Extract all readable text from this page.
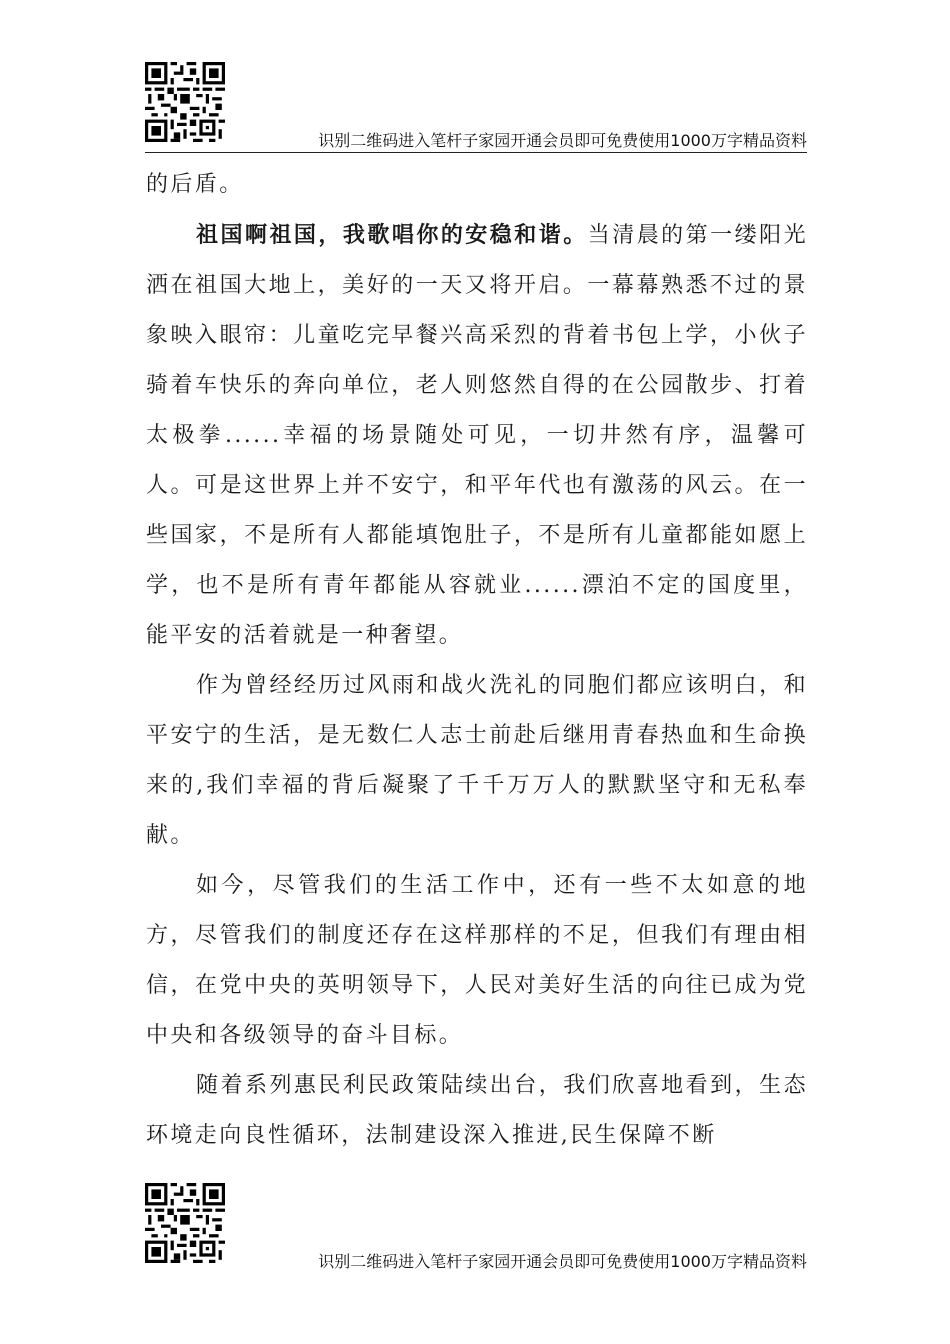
识别二维码进入笔杆子家园开通会员即可免费使用1000万字精品资料

的后盾。

祖国啊祖国，我歌唱你的安稳和谐。当清晨的第一缕阳光洒在祖国大地上，美好的一天又将开启。一幕幕熟悉不过的景象映入眼帘：儿童吃完早餐兴高采烈的背着书包上学，小伙子骑着车快乐的奔向单位，老人则悠然自得的在公园散步、打着太极拳......幸福的场景随处可见，一切井然有序，温馨可人。可是这世界上并不安宁，和平年代也有激荡的风云。在一些国家，不是所有人都能填饱肚子，不是所有儿童都能如愿上学，也不是所有青年都能从容就业......漂泊不定的国度里，能平安的活着就是一种奢望。

作为曾经经历过风雨和战火洗礼的同胞们都应该明白，和平安宁的生活，是无数仁人志士前赴后继用青春热血和生命换来的,我们幸福的背后凝聚了千千万万人的默默坚守和无私奉献。

如今，尽管我们的生活工作中，还有一些不太如意的地方，尽管我们的制度还存在这样那样的不足，但我们有理由相信，在党中央的英明领导下，人民对美好生活的向往已成为党中央和各级领导的奋斗目标。

随着系列惠民利民政策陆续出台，我们欣喜地看到，生态环境走向良性循环，法制建设深入推进,民生保障不断

识别二维码进入笔杆子家园开通会员即可免费使用1000万字精品资料
